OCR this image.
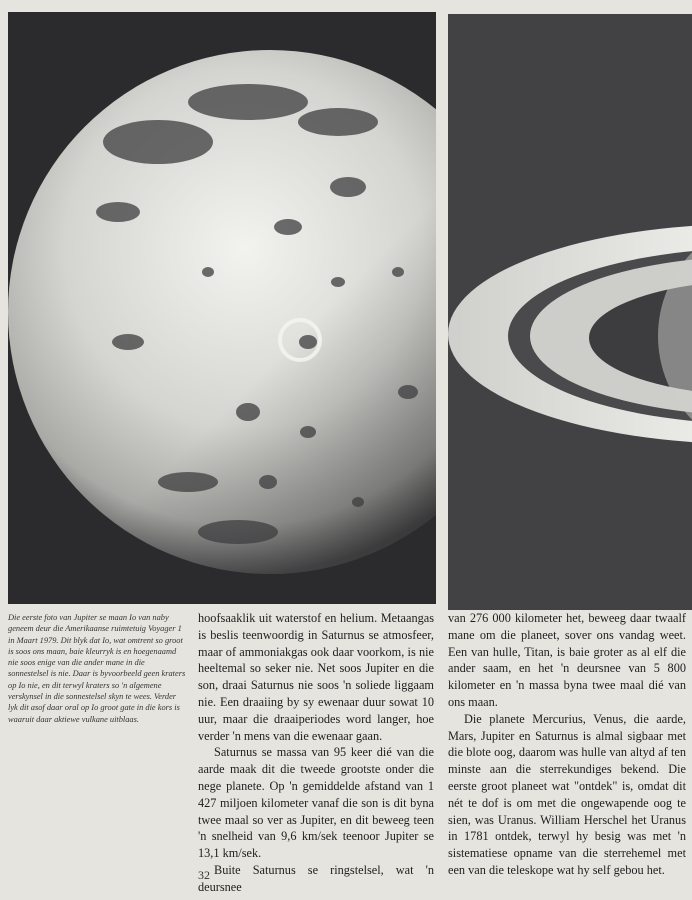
Die eerste foto van Jupiter se maan Io van naby geneem deur die Amerikaanse ruimtetuig Voyager 1 in Maart 1979. Dit blyk dat Io, wat omtrent so groot is soos ons maan, baie kleurryk is en hoegenaamd nie soos enige van die ander mane in die sonnestelsel is nie. Daar is byvoorbeeld geen kraters op Io nie, en dit terwyl kraters so 'n algemene verskynsel in die sonnestelsel skyn te wees. Verder lyk dit asof daar oral op Io groot gate in die kors is waaruit daar aktiewe vulkane uitblaas.

hoofsaaklik uit waterstof en helium. Metaangas is beslis teenwoordig in Saturnus se atmosfeer, maar of ammoniakgas ook daar voorkom, is nie heeltemal so seker nie. Net soos Jupiter en die son, draai Saturnus nie soos 'n soliede liggaam nie. Een draaiing by sy ewenaar duur sowat 10 uur, maar die draaiperiodes word langer, hoe verder 'n mens van die ewenaar gaan.

Saturnus se massa van 95 keer dié van die aarde maak dit die tweede grootste onder die nege planete. Op 'n gemiddelde afstand van 1 427 miljoen kilometer vanaf die son is dit byna twee maal so ver as Jupiter, en dit beweeg teen 'n snelheid van 9,6 km/sek teenoor Jupiter se 13,1 km/sek.

Buite Saturnus se ringstelsel, wat 'n deursnee

van 276 000 kilometer het, beweeg daar twaalf mane om die planeet, sover ons vandag weet. Een van hulle, Titan, is baie groter as al elf die ander saam, en het 'n deursnee van 5 800 kilometer en 'n massa byna twee maal dié van ons maan.

Die planete Mercurius, Venus, die aarde, Mars, Jupiter en Saturnus is almal sigbaar met die blote oog, daarom was hulle van altyd af ten minste aan die sterrekundiges bekend. Die eerste groot planeet wat "ontdek" is, omdat dit nét te dof is om met die ongewapende oog te sien, was Uranus. William Herschel het Uranus in 1781 ontdek, terwyl hy besig was met 'n sistematiese opname van die sterrehemel met een van die teleskope wat hy self gebou het.

32
